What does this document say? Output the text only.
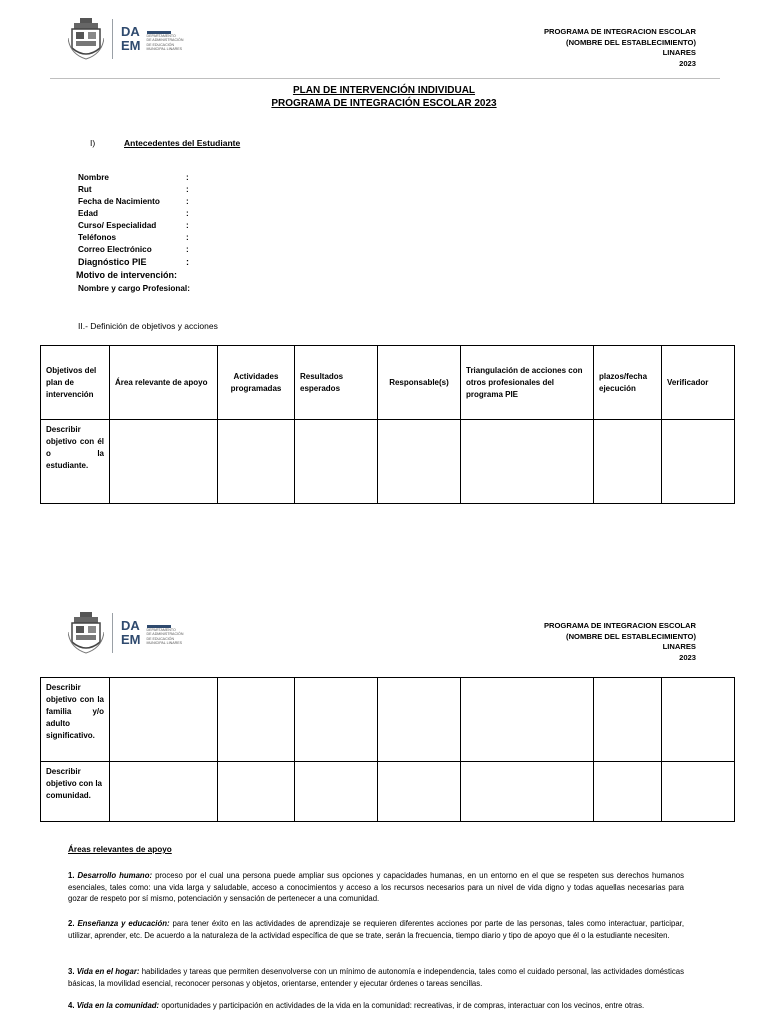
DA
EM
DEPARTAMENTO
DE ADMINISTRACIÓN
DE EDUCACIÓN
MUNICIPAL LINARES
PROGRAMA DE INTEGRACION ESCOLAR
(NOMBRE DEL ESTABLECIMIENTO)
LINARES
2023
PLAN DE INTERVENCIÓN INDIVIDUAL
PROGRAMA DE INTEGRACIÓN ESCOLAR 2023
I)	Antecedentes del Estudiante
Nombre	:
Rut	:
Fecha de Nacimiento	:
Edad	:
Curso/ Especialidad	:
Teléfonos	:
Correo Electrónico	:
Diagnóstico PIE	:
Motivo de intervención:
Nombre y cargo Profesional:
II.- Definición de objetivos y acciones
Objetivos del plan de intervención	Área relevante de apoyo	Actividades programadas	Resultados esperados	Responsable(s)	Triangulación de acciones con otros profesionales del programa PIE	plazos/fecha ejecución	Verificador
Describir objetivo con él o la estudiante.							
DA
EM
DEPARTAMENTO
DE ADMINISTRACIÓN
DE EDUCACIÓN
MUNICIPAL LINARES
PROGRAMA DE INTEGRACION ESCOLAR
(NOMBRE DEL ESTABLECIMIENTO)
LINARES
2023
Describir objetivo con la familia y/o adulto significativo.							
Describir objetivo con la comunidad.							
Áreas relevantes de apoyo
1. Desarrollo humano: proceso por el cual una persona puede ampliar sus opciones y capacidades humanas, en un entorno en el que se respeten sus derechos humanos esenciales, tales como: una vida larga y saludable, acceso a conocimientos y acceso a los recursos necesarios para un nivel de vida digno y todas aquellas necesarias para gozar de respeto por sí mismo, potenciación y sensación de pertenecer a una comunidad.
2. Enseñanza y educación: para tener éxito en las actividades de aprendizaje se requieren diferentes acciones por parte de las personas, tales como interactuar, participar, utilizar, aprender, etc. De acuerdo a la naturaleza de la actividad específica de que se trate, serán la frecuencia, tiempo diario y tipo de apoyo que él o la estudiante necesiten.
3. Vida en el hogar: habilidades y tareas que permiten desenvolverse con un mínimo de autonomía e independencia, tales como el cuidado personal, las actividades domésticas básicas, la movilidad esencial, reconocer personas y objetos, orientarse, entender y ejecutar órdenes o tareas sencillas.
4. Vida en la comunidad: oportunidades y participación en actividades de la vida en la comunidad: recreativas, ir de compras, interactuar con los vecinos, entre otras.
